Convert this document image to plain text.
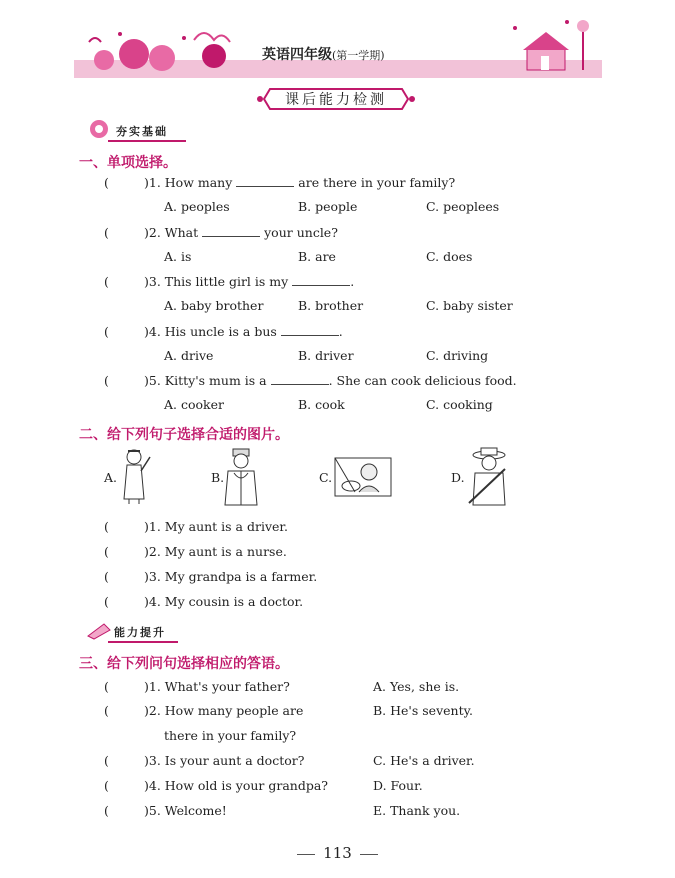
英语四年级(第一学期)
课后能力检测
夯实基础
一、单项选择。
(	)1. How many	are there in your family?
A. peoples	B. people	C. peoplees
(	)2. What	your uncle?
A. is	B. are	C. does
(	)3. This little girl is my	.
A. baby brother	B. brother	C. baby sister
(	)4. His uncle is a bus	.
A. drive	B. driver	C. driving
(	)5. Kitty's mum is a	. She can cook delicious food.
A. cooker	B. cook	C. cooking
二、给下列句子选择合适的图片。
A.	B.	C.	D.
(	)1. My aunt is a driver.
(	)2. My aunt is a nurse.
(	)3. My grandpa is a farmer.
(	)4. My cousin is a doctor.
能力提升
三、给下列问句选择相应的答语。
(	)1. What's your father?	A. Yes, she is.
(	)2. How many people are	B. He's seventy.
there in your family?
(	)3. Is your aunt a doctor?	C. He's a driver.
(	)4. How old is your grandpa?	D. Four.
(	)5. Welcome!	E. Thank you.
113
